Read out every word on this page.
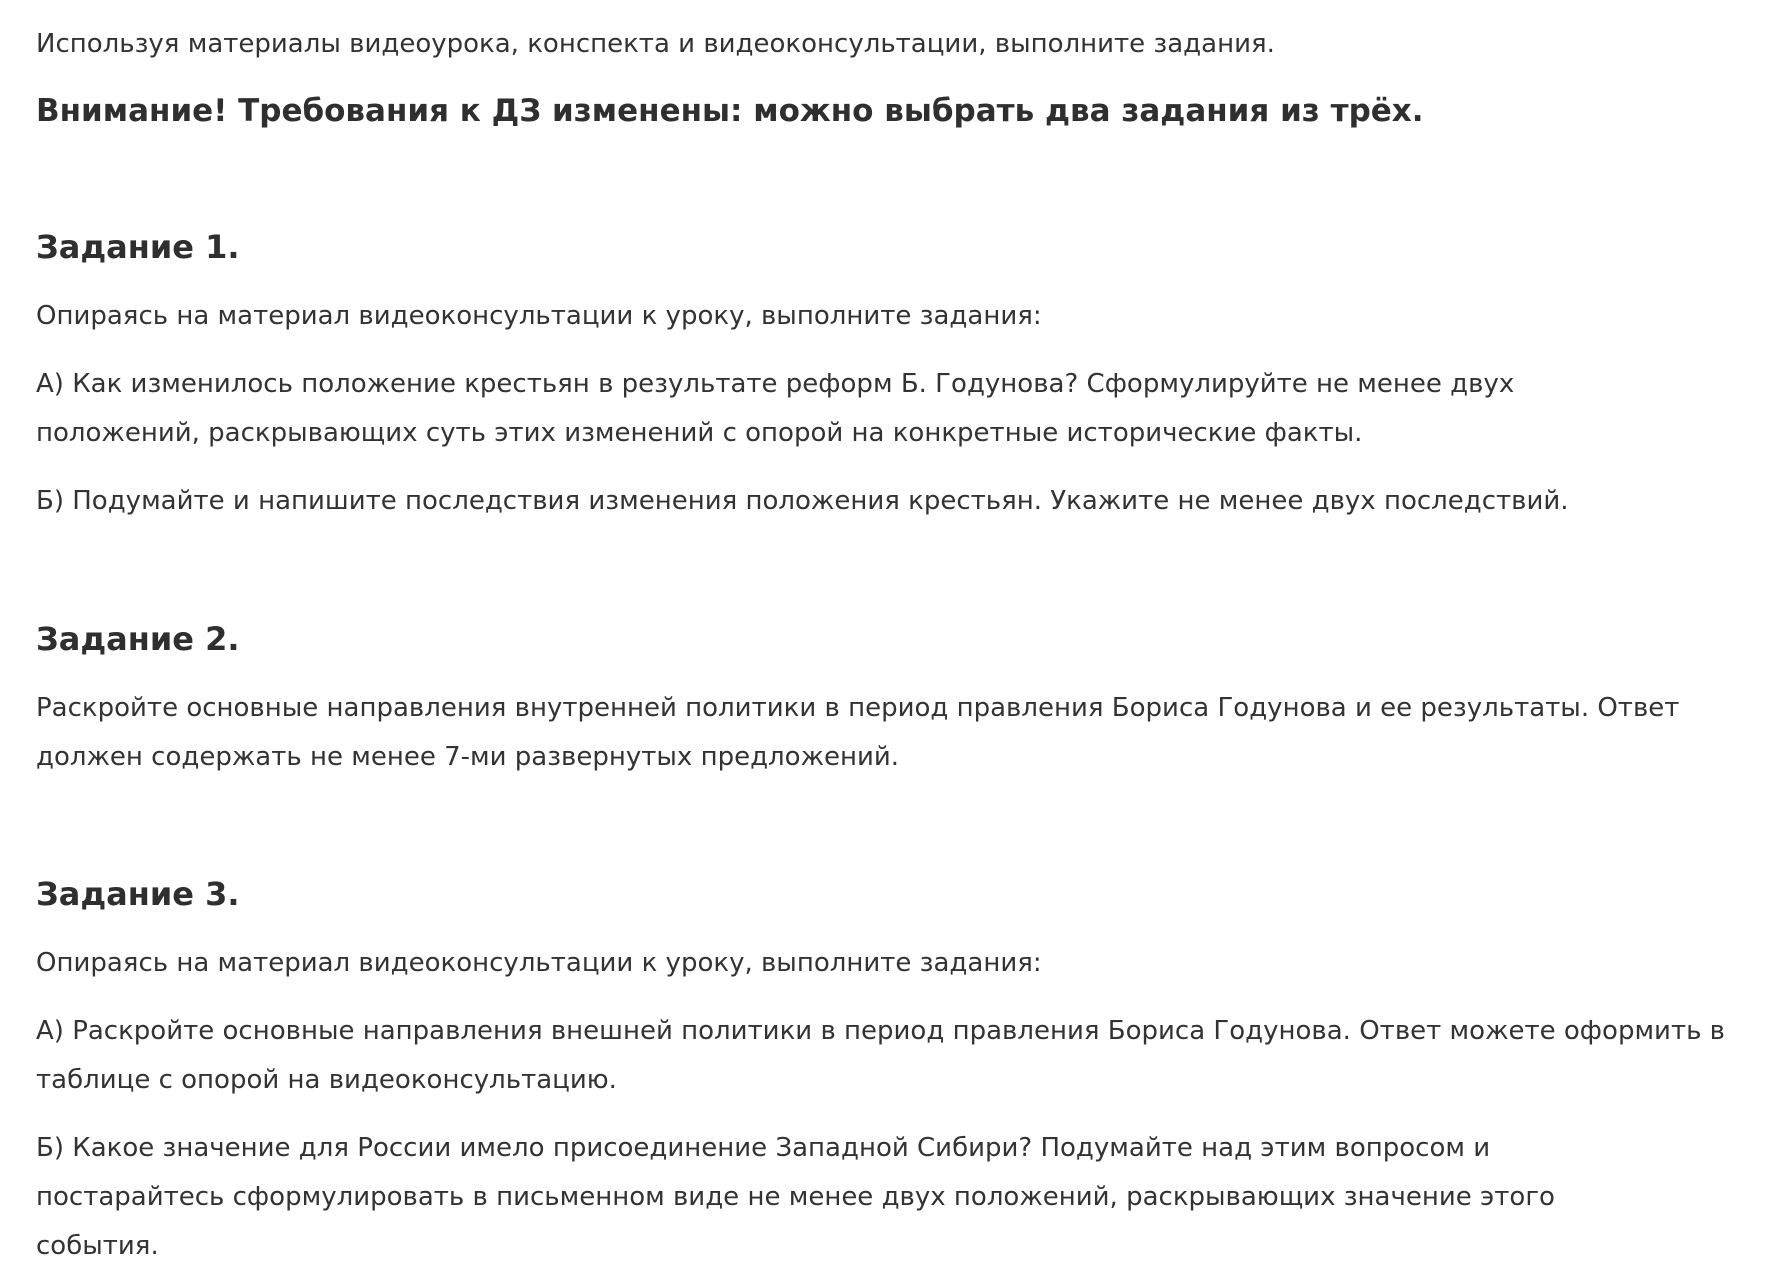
Используя материалы видеоурока, конспекта и видеоконсультации, выполните задания.

Внимание! Требования к ДЗ изменены: можно выбрать два задания из трёх.

Задание 1.

Опираясь на материал видеоконсультации к уроку, выполните задания:

А) Как изменилось положение крестьян в результате реформ Б. Годунова? Сформулируйте не менее двух положений, раскрывающих суть этих изменений с опорой на конкретные исторические факты.

Б) Подумайте и напишите последствия изменения положения крестьян. Укажите не менее двух последствий.

Задание 2.

Раскройте основные направления внутренней политики в период правления Бориса Годунова и ее результаты. Ответ должен содержать не менее 7-ми развернутых предложений.

Задание 3.

Опираясь на материал видеоконсультации к уроку, выполните задания:

А) Раскройте основные направления внешней политики в период правления Бориса Годунова. Ответ можете оформить в таблице с опорой на видеоконсультацию.

Б) Какое значение для России имело присоединение Западной Сибири? Подумайте над этим вопросом и постарайтесь сформулировать в письменном виде не менее двух положений, раскрывающих значение этого события.
